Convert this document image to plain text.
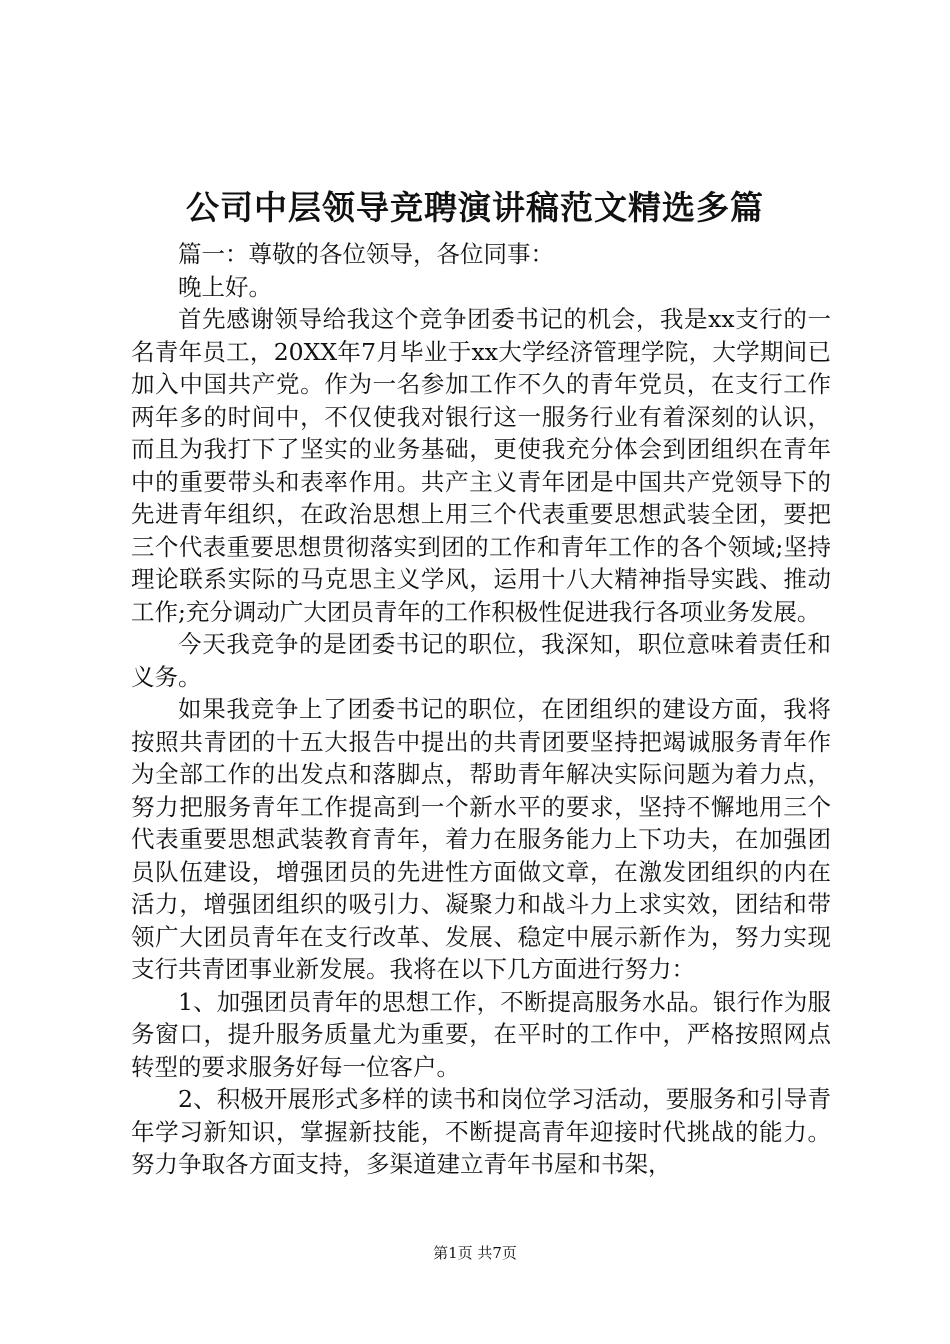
公司中层领导竞聘演讲稿范文精选多篇

篇一：尊敬的各位领导，各位同事：

晚上好。

首先感谢领导给我这个竞争团委书记的机会，我是xx支行的一名青年员工，20XX年7月毕业于xx大学经济管理学院，大学期间已加入中国共产党。作为一名参加工作不久的青年党员，在支行工作两年多的时间中，不仅使我对银行这一服务行业有着深刻的认识，而且为我打下了坚实的业务基础，更使我充分体会到团组织在青年中的重要带头和表率作用。共产主义青年团是中国共产党领导下的先进青年组织，在政治思想上用三个代表重要思想武装全团，要把三个代表重要思想贯彻落实到团的工作和青年工作的各个领域;坚持理论联系实际的马克思主义学风，运用十八大精神指导实践、推动工作;充分调动广大团员青年的工作积极性促进我行各项业务发展。

今天我竞争的是团委书记的职位，我深知，职位意味着责任和义务。

如果我竞争上了团委书记的职位，在团组织的建设方面，我将按照共青团的十五大报告中提出的共青团要坚持把竭诚服务青年作为全部工作的出发点和落脚点，帮助青年解决实际问题为着力点，努力把服务青年工作提高到一个新水平的要求，坚持不懈地用三个代表重要思想武装教育青年，着力在服务能力上下功夫，在加强团员队伍建设，增强团员的先进性方面做文章，在激发团组织的内在活力，增强团组织的吸引力、凝聚力和战斗力上求实效，团结和带领广大团员青年在支行改革、发展、稳定中展示新作为，努力实现支行共青团事业新发展。我将在以下几方面进行努力：

1、加强团员青年的思想工作，不断提高服务水品。银行作为服务窗口，提升服务质量尤为重要，在平时的工作中，严格按照网点转型的要求服务好每一位客户。

2、积极开展形式多样的读书和岗位学习活动，要服务和引导青年学习新知识，掌握新技能，不断提高青年迎接时代挑战的能力。努力争取各方面支持，多渠道建立青年书屋和书架，

第1页 共7页
